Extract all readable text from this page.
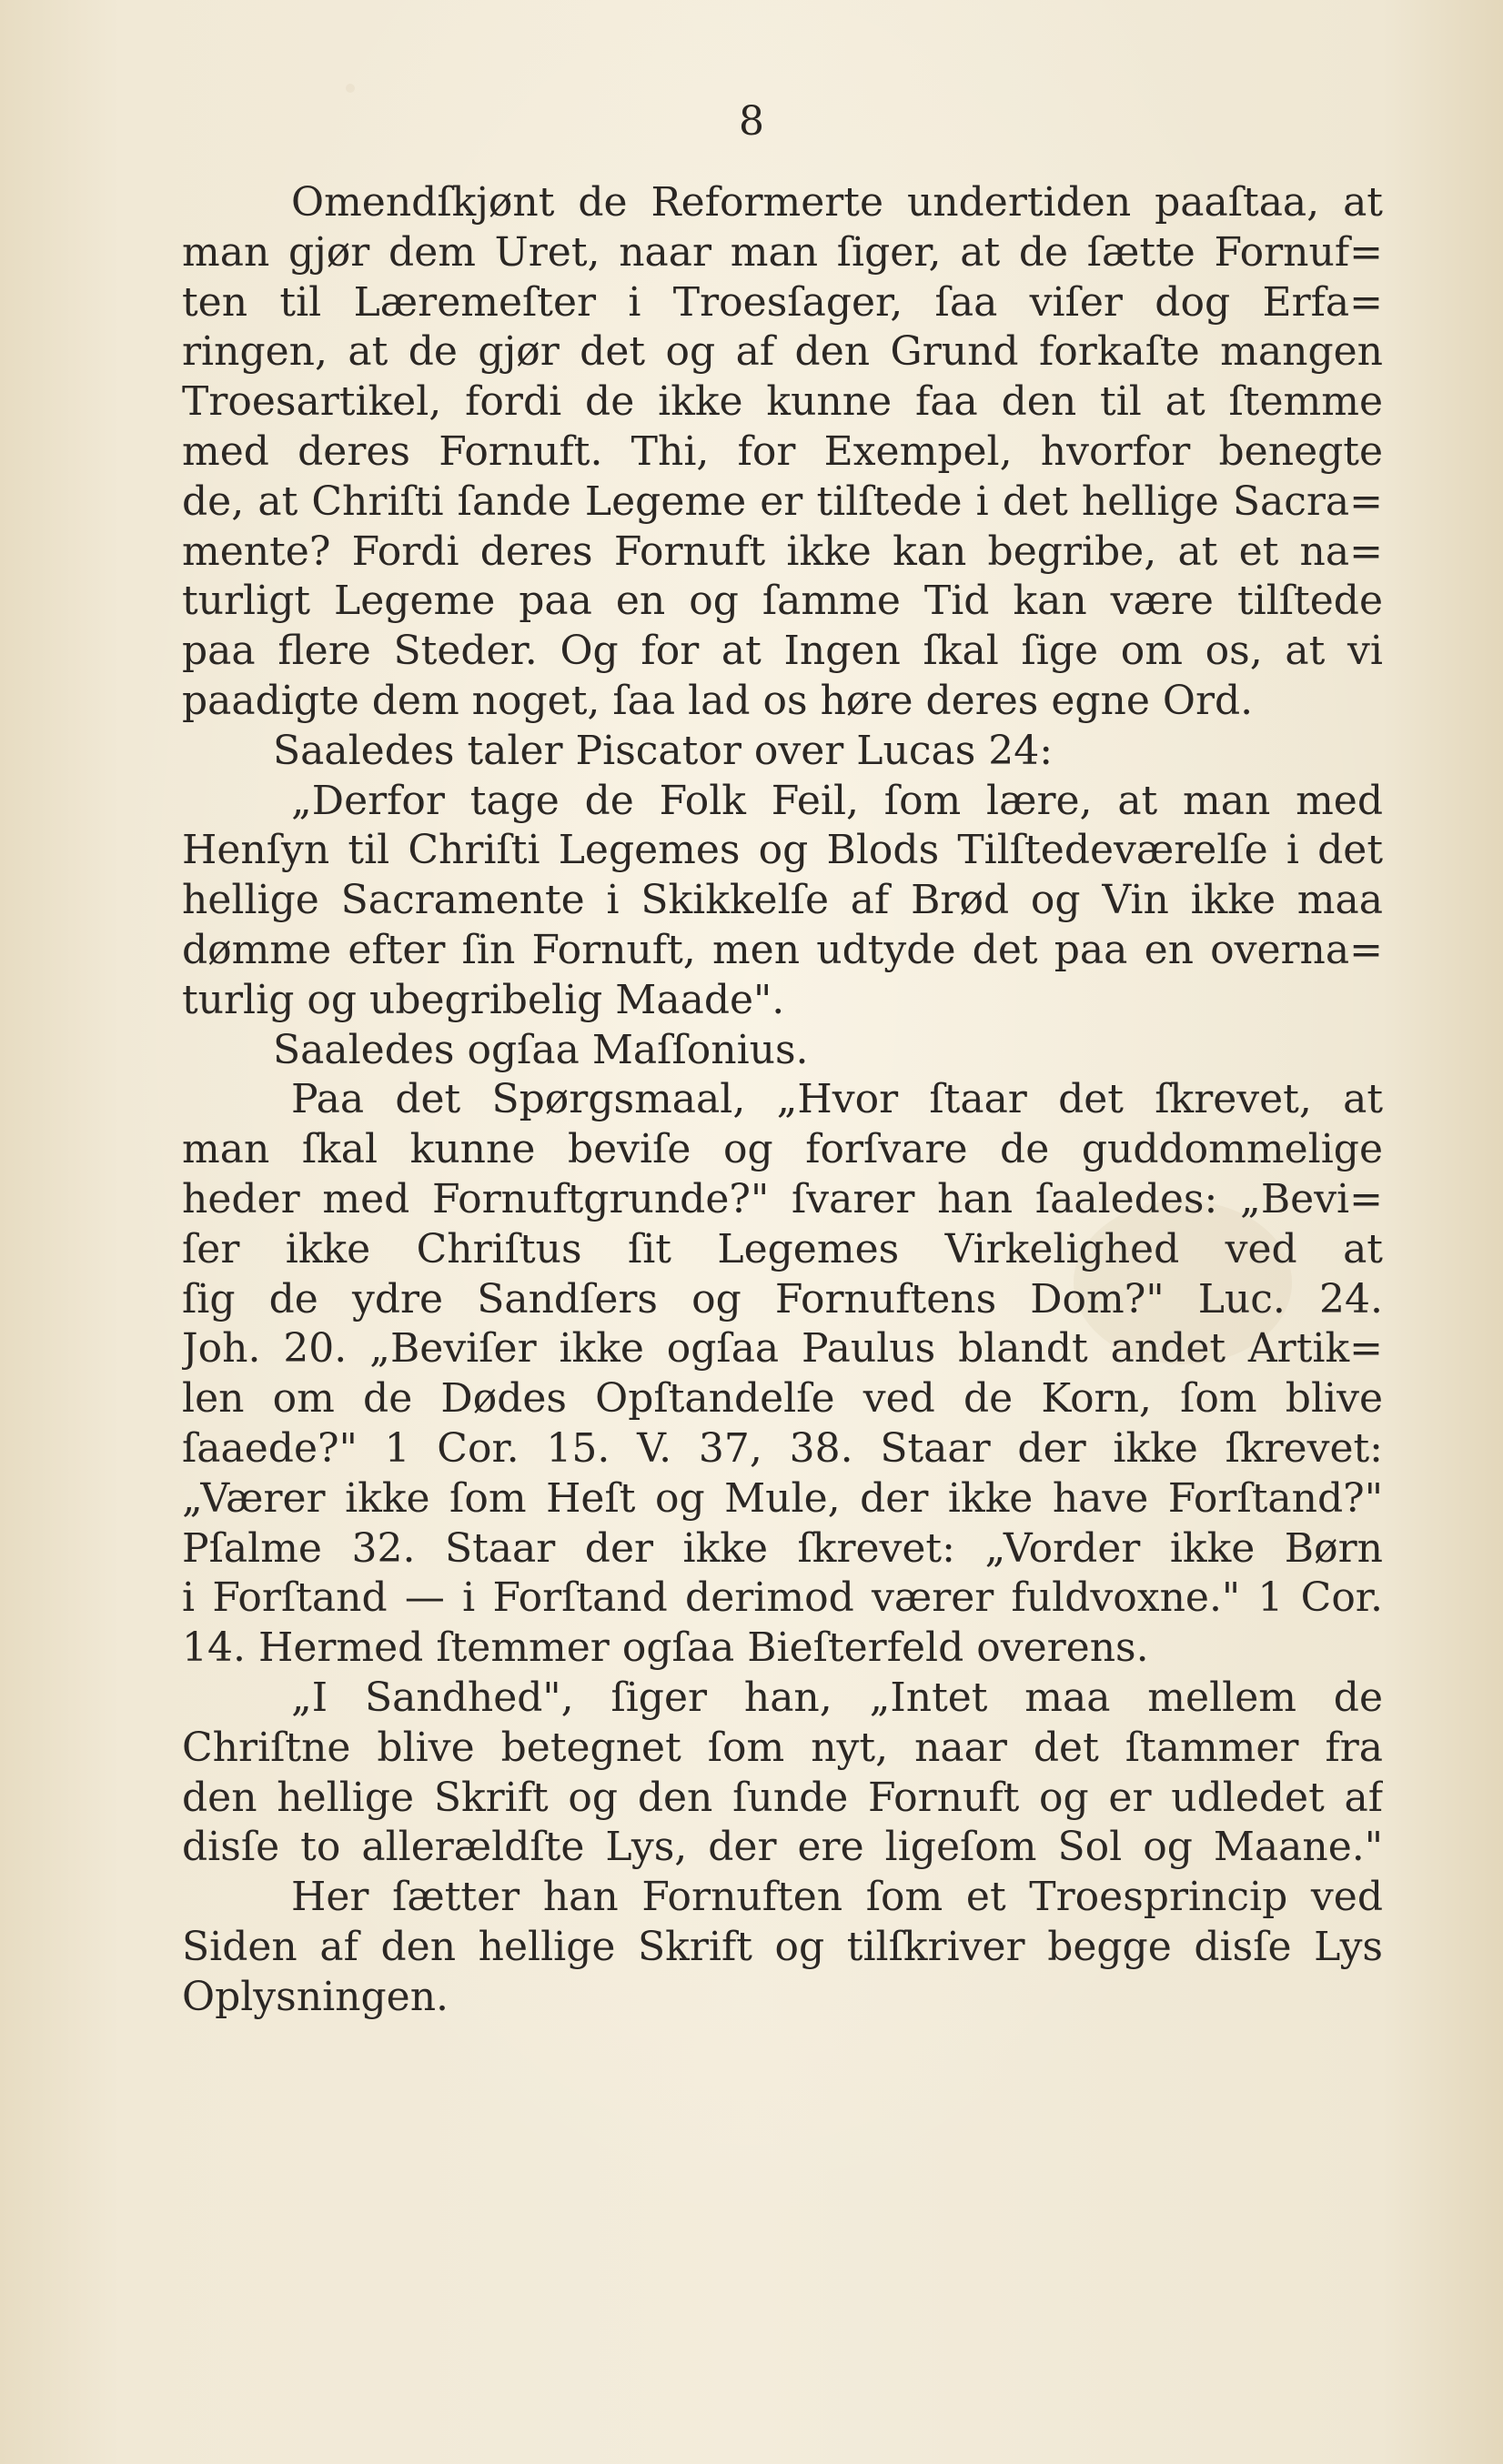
8
Omendſkjønt de Reformerte undertiden paaſtaa, at
man gjør dem Uret, naar man ſiger, at de ſætte Fornuf=
ten til Læremeſter i Troesſager, ſaa viſer dog Erfa=
ringen, at de gjør det og af den Grund forkaſte mangen
Troesartikel, fordi de ikke kunne faa den til at ſtemme
med deres Fornuft. Thi, for Exempel, hvorfor benegte
de, at Chriſti ſande Legeme er tilſtede i det hellige Sacra=
mente? Fordi deres Fornuft ikke kan begribe, at et na=
turligt Legeme paa en og ſamme Tid kan være tilſtede
paa flere Steder. Og for at Ingen ſkal ſige om os, at vi
paadigte dem noget, ſaa lad os høre deres egne Ord.
Saaledes taler Piscator over Lucas 24:
„Derfor tage de Folk Feil, ſom lære, at man med
Henſyn til Chriſti Legemes og Blods Tilſtedeværelſe i det
hellige Sacramente i Skikkelſe af Brød og Vin ikke maa
dømme efter ſin Fornuft, men udtyde det paa en overna=
turlig og ubegribelig Maade".
Saaledes ogſaa Maſſonius.
Paa det Spørgsmaal, „Hvor ſtaar det ſkrevet, at
man ſkal kunne beviſe og forſvare de guddommelige
heder med Fornuftgrunde?" ſvarer han ſaaledes: „Bevi=
ſer ikke Chriſtus ſit Legemes Virkelighed ved at
ſig de ydre Sandſers og Fornuftens Dom?" Luc. 24.
Joh. 20. „Beviſer ikke ogſaa Paulus blandt andet Artik=
len om de Dødes Opſtandelſe ved de Korn, ſom blive
ſaaede?" 1 Cor. 15. V. 37, 38. Staar der ikke ſkrevet:
„Værer ikke ſom Heſt og Mule, der ikke have Forſtand?"
Pſalme 32. Staar der ikke ſkrevet: „Vorder ikke Børn
i Forſtand — i Forſtand derimod værer fuldvoxne." 1 Cor.
14. Hermed ſtemmer ogſaa Bieſterfeld overens.
„I Sandhed", ſiger han, „Intet maa mellem de
Chriſtne blive betegnet ſom nyt, naar det ſtammer fra
den hellige Skrift og den ſunde Fornuft og er udledet af
disſe to allerældſte Lys, der ere ligeſom Sol og Maane."
Her ſætter han Fornuften ſom et Troesprincip ved
Siden af den hellige Skrift og tilſkriver begge disſe Lys
Oplysningen.
